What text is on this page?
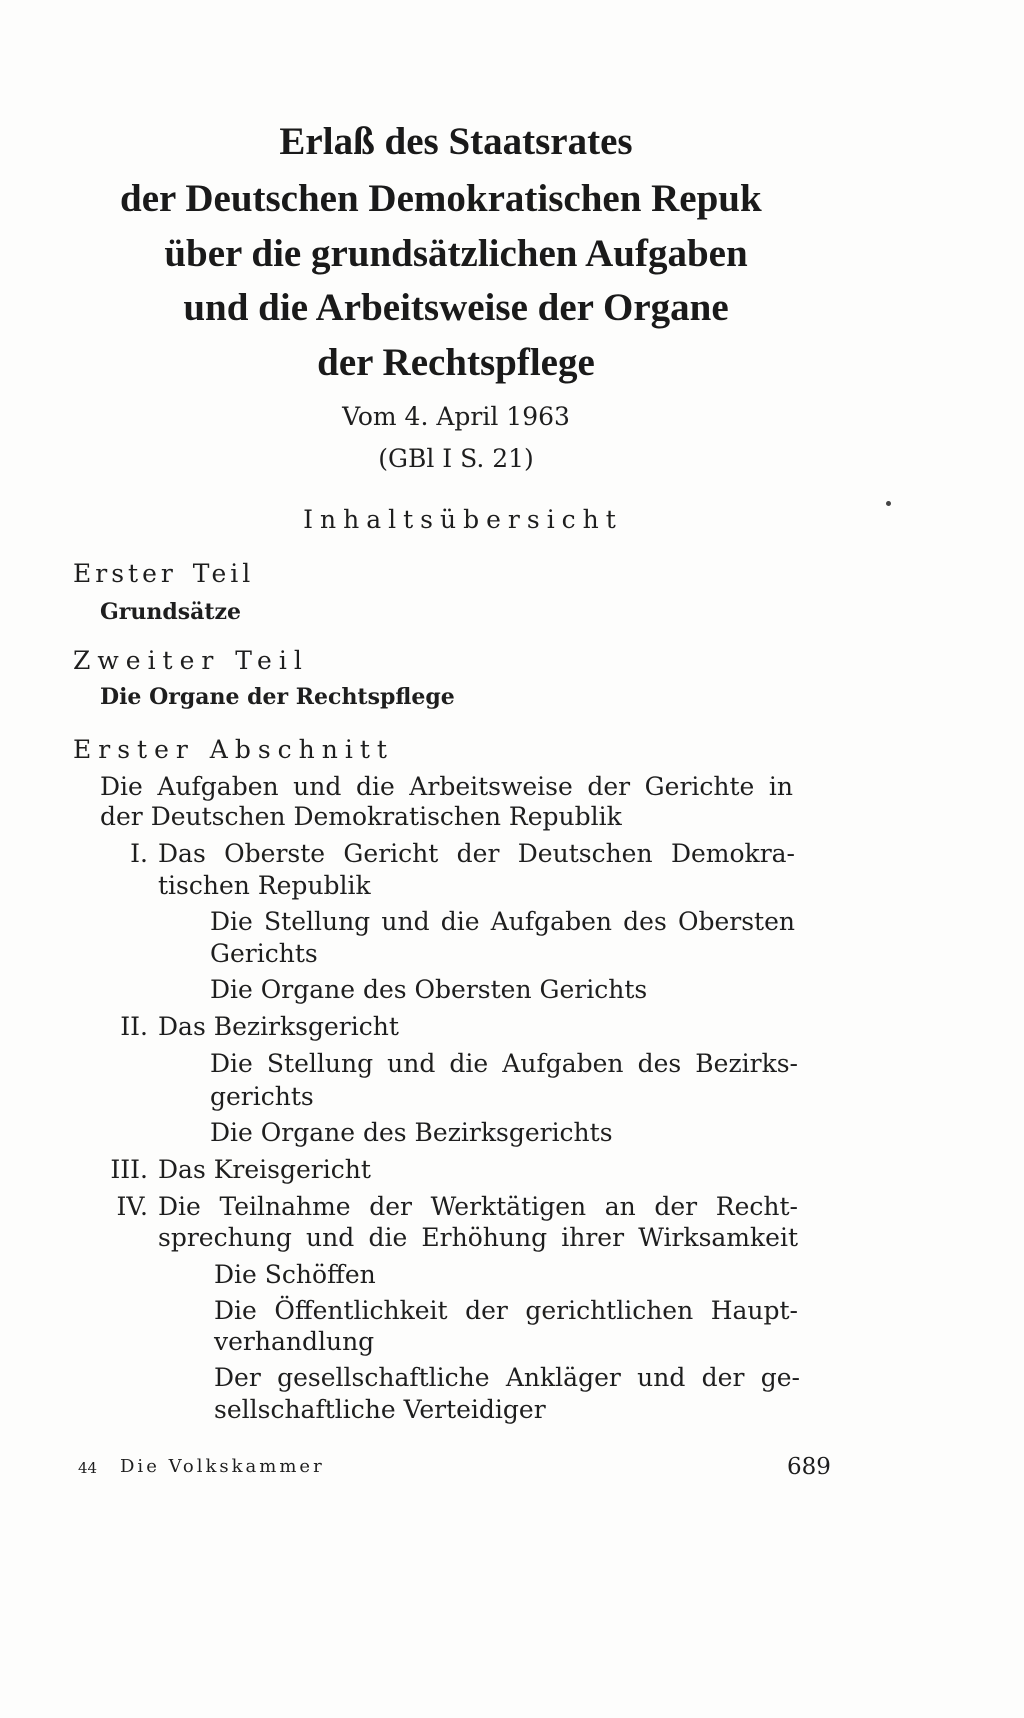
Erlaß des Staatsrates
der Deutschen Demokratischen Repuk
über die grundsätzlichen Aufgaben
und die Arbeitsweise der Organe
der Rechtspflege
Vom 4. April 1963
(GBl I S. 21)
Inhaltsübersicht
Erster Teil
Grundsätze
Zweiter Teil
Die Organe der Rechtspflege
Erster Abschnitt
Die Aufgaben und die Arbeitsweise der Gerichte in
der Deutschen Demokratischen Republik
I. Das Oberste Gericht der Deutschen Demokra-
tischen Republik
Die Stellung und die Aufgaben des Obersten
Gerichts
Die Organe des Obersten Gerichts
II. Das Bezirksgericht
Die Stellung und die Aufgaben des Bezirks-
gerichts
Die Organe des Bezirksgerichts
III. Das Kreisgericht
IV. Die Teilnahme der Werktätigen an der Recht-
sprechung und die Erhöhung ihrer Wirksamkeit
Die Schöffen
Die Öffentlichkeit der gerichtlichen Haupt-
verhandlung
Der gesellschaftliche Ankläger und der ge-
sellschaftliche Verteidiger
44 Die Volkskammer	689
